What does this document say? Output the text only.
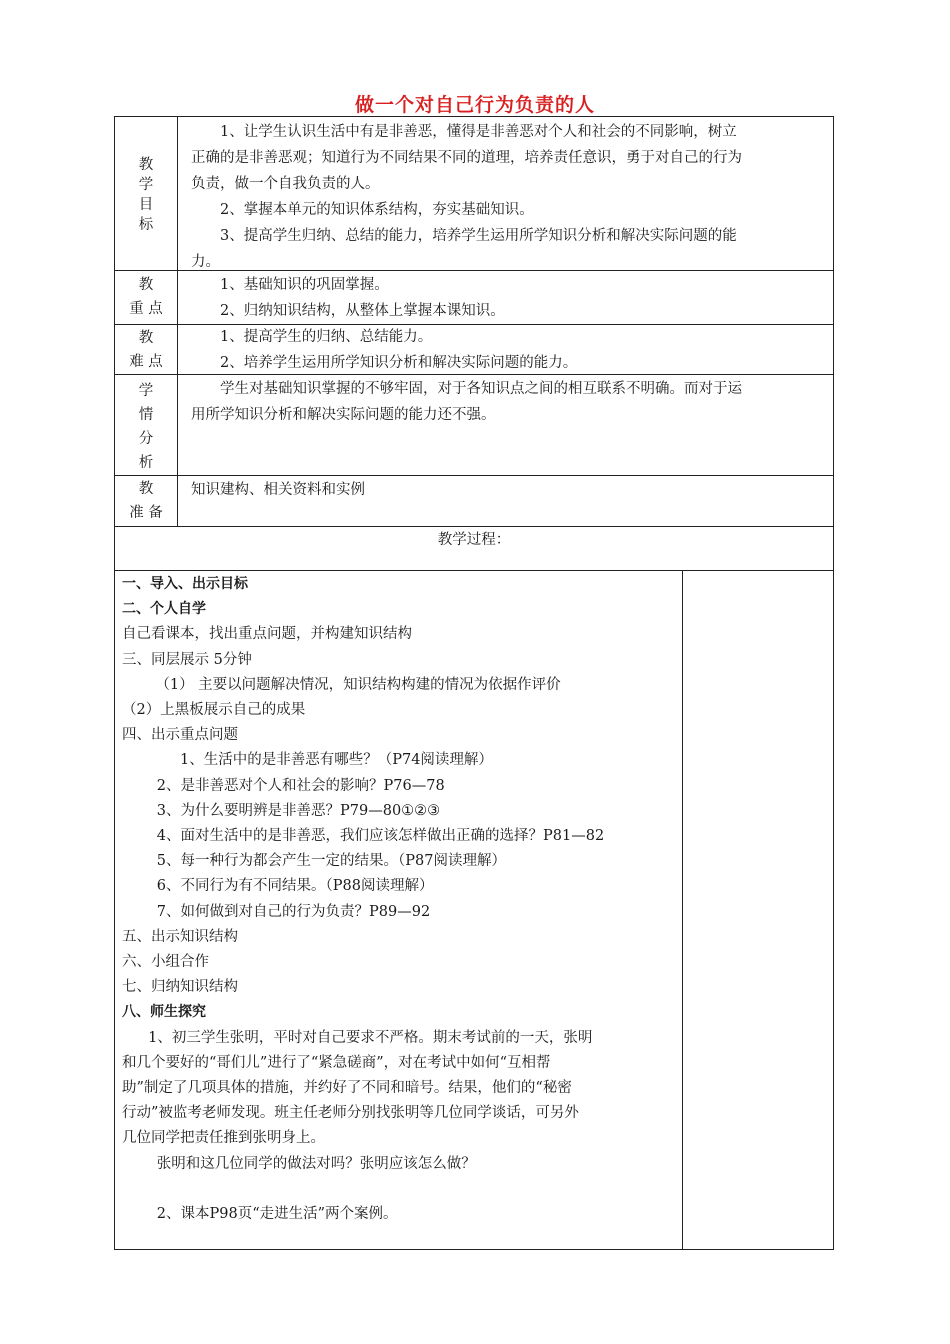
做一个对自己行为负责的人
教学目标

1、让学生认识生活中有是非善恶，懂得是非善恶对个人和社会的不同影响，树立

正确的是非善恶观；知道行为不同结果不同的道理，培养责任意识，勇于对自己的行为

负责，做一个自我负责的人。

2、掌握本单元的知识体系结构，夯实基础知识。

3、提高学生归纳、总结的能力，培养学生运用所学知识分析和解决实际问题的能

力。

教
重 点

1、基础知识的巩固掌握。

2、归纳知识结构，从整体上掌握本课知识。

教
难 点

1、提高学生的归纳、总结能力。

2、培养学生运用所学知识分析和解决实际问题的能力。

学情分析

学生对基础知识掌握的不够牢固，对于各知识点之间的相互联系不明确。而对于运

用所学知识分析和解决实际问题的能力还不强。

教
准 备

知识建构、相关资料和实例

教学过程：

一、导入、出示目标

二、个人自学

自己看课本，找出重点问题，并构建知识结构

三、同层展示 5分钟

（1） 主要以问题解决情况，知识结构构建的情况为依据作评价

（2）上黑板展示自己的成果

四、出示重点问题

1、生活中的是非善恶有哪些？（P74阅读理解）

2、是非善恶对个人和社会的影响？P76—78

3、为什么要明辨是非善恶？P79—80①②③

4、面对生活中的是非善恶，我们应该怎样做出正确的选择？P81—82

5、每一种行为都会产生一定的结果。（P87阅读理解）

6、不同行为有不同结果。（P88阅读理解）

7、如何做到对自己的行为负责？P89—92

五、出示知识结构

六、小组合作

七、归纳知识结构

八、师生探究

1、初三学生张明，平时对自己要求不严格。期末考试前的一天，张明

和几个要好的“哥们儿”进行了“紧急磋商”，对在考试中如何“互相帮

助”制定了几项具体的措施，并约好了不同和暗号。结果，他们的“秘密

行动”被监考老师发现。班主任老师分别找张明等几位同学谈话，可另外

几位同学把责任推到张明身上。

张明和这几位同学的做法对吗？张明应该怎么做？

2、课本P98页“走进生活”两个案例。
